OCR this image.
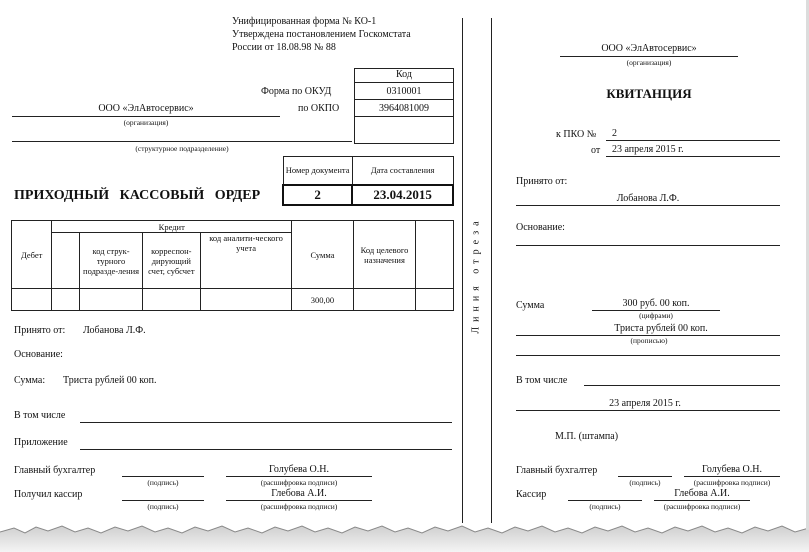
Унифицированная форма № КО-1
Утверждена постановлением Госкомстата
России от 18.08.98 № 88
Код
Форма по ОКУД	0310001
по ОКПО	3964081009
ООО «ЭлАвтосервис»
(организация)
(структурное подразделение)
Номер документа	Дата составления
2	23.04.2015
ПРИХОДНЫЙ   КАССОВЫЙ   ОРДЕР
Дебет	Кредит				Сумма	Код целевого назначения	
		код струк-турного подразде-ления	корреспон-дирующий счет, субсчет	код аналити-ческого учета			
					300,00		
Принято от: Лобанова Л.Ф.
Основание:
Сумма: Триста рублей 00 коп.
В том числе
Приложение
Главный бухгалтер
(подпись)
Голубева О.Н.
(расшифровка подписи)
Получил кассир
(подпись)
Глебова А.И.
(расшифровка подписи)
Линия отреза
ООО «ЭлАвтосервис»
(организация)
КВИТАНЦИЯ
к ПКО № 2
от 23 апреля 2015 г.
Принято от:
Лобанова Л.Ф.
Основание:
Сумма	300 руб. 00 коп.
(цифрами)
Триста рублей 00 коп.
(прописью)
В том числе
23 апреля 2015 г.
М.П. (штампа)
Главный бухгалтер
(подпись)
Голубева О.Н.
(расшифровка подписи)
Кассир
(подпись)
Глебова А.И.
(расшифровка подписи)
